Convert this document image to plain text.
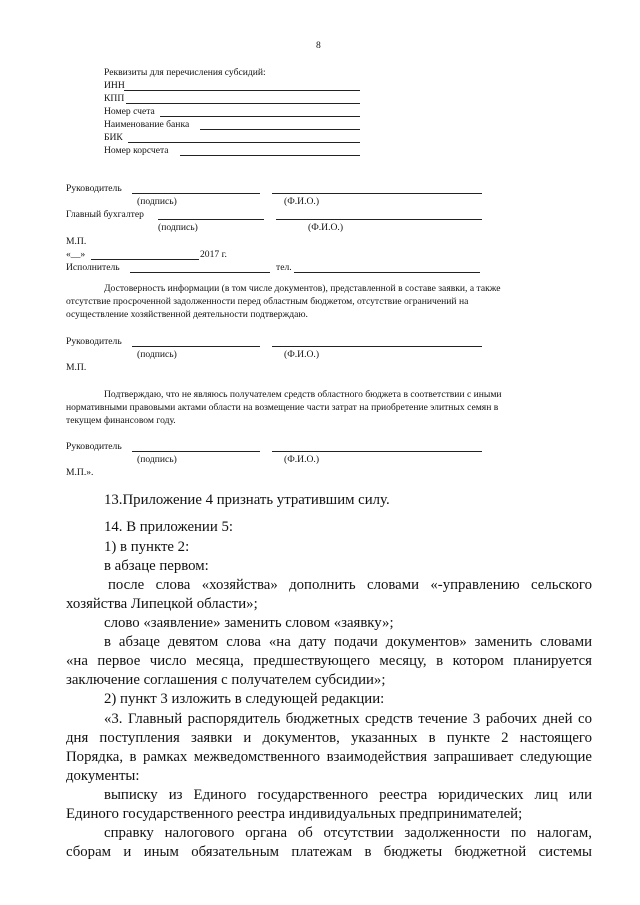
8
Реквизиты для перечисления субсидий:
ИНН
КПП
Номер счета
Наименование банка
БИК
Номер корсчета
Руководитель
(подпись)	(Ф.И.О.)
Главный бухгалтер
(подпись)	(Ф.И.О.)
М.П.
«__»	2017 г.
Исполнитель	тел.
Достоверность информации (в том числе документов), представленной в составе заявки, а также
отсутствие просроченной задолженности перед областным бюджетом, отсутствие ограничений на
осуществление хозяйственной деятельности подтверждаю.
Руководитель
(подпись)	(Ф.И.О.)
М.П.
Подтверждаю, что не являюсь получателем средств областного бюджета в соответствии с иными
нормативными правовыми актами области на возмещение части затрат на приобретение элитных семян в
текущем финансовом году.
Руководитель
(подпись)	(Ф.И.О.)
М.П.».
13.Приложение 4 признать утратившим силу.
14. В приложении 5:
1) в пункте 2:
в абзаце первом:
после слова «хозяйства» дополнить словами «-управлению сельского
хозяйства Липецкой области»;
слово «заявление» заменить словом «заявку»;
в абзаце девятом слова «на дату подачи документов» заменить словами
«на первое число месяца, предшествующего месяцу, в котором планируется
заключение соглашения с получателем субсидии»;
2) пункт 3 изложить в следующей редакции:
«3. Главный распорядитель бюджетных средств течение 3 рабочих дней со
дня поступления заявки и документов, указанных в пункте 2 настоящего
Порядка, в рамках межведомственного взаимодействия запрашивает следующие
документы:
выписку из Единого государственного реестра юридических лиц или
Единого государственного реестра индивидуальных предпринимателей;
справку налогового органа об отсутствии задолженности по налогам,
сборам и иным обязательным платежам в бюджеты бюджетной системы
